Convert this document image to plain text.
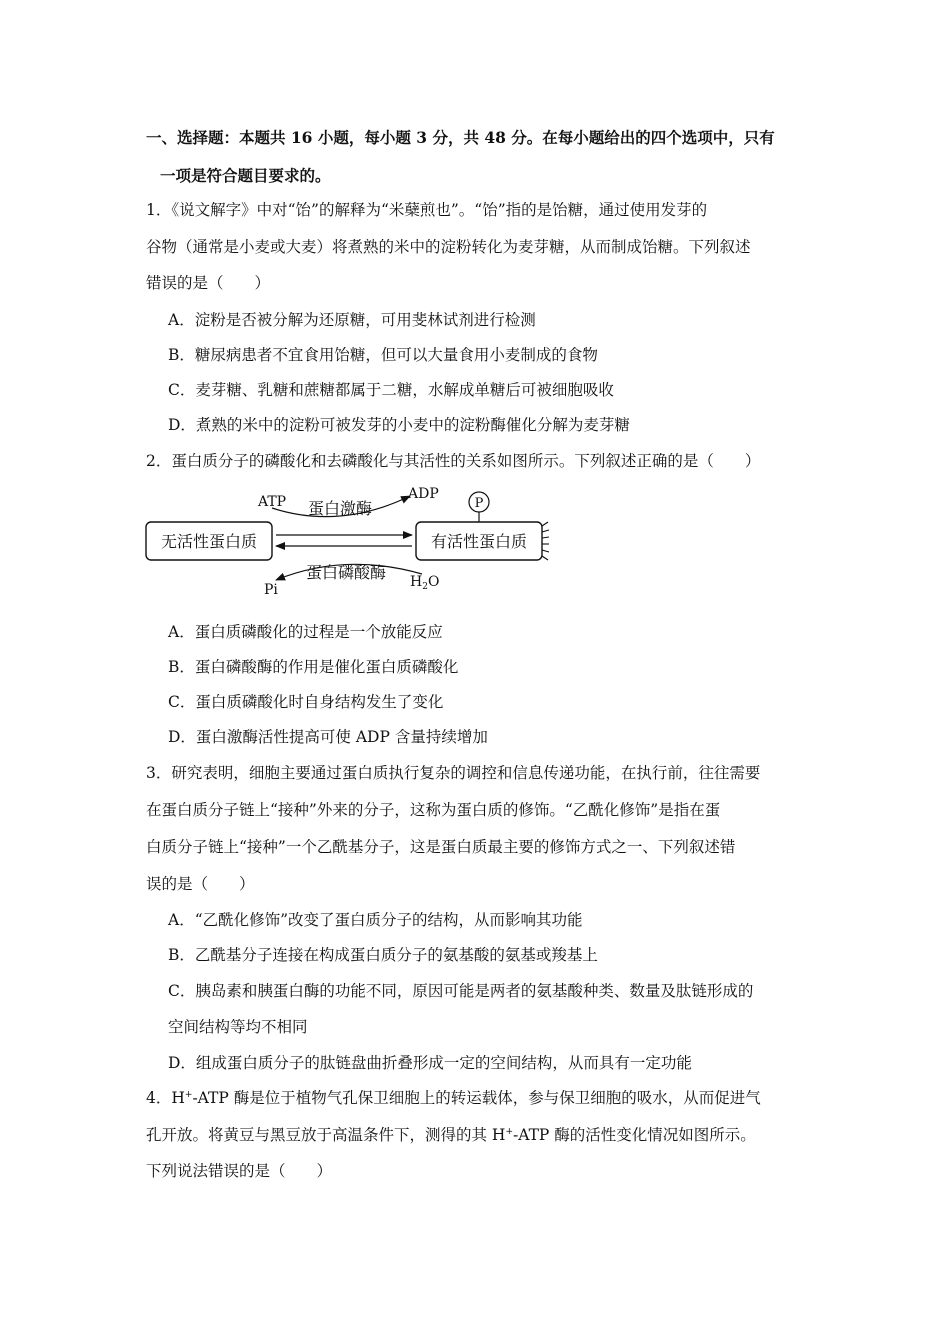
一、选择题：本题共 16 小题，每小题 3 分，共 48 分。在每小题给出的四个选项中，只有
一项是符合题目要求的。
1．《说文解字》中对“饴”的解释为“米蘖煎也”。“饴”指的是饴糖，通过使用发芽的
谷物（通常是小麦或大麦）将煮熟的米中的淀粉转化为麦芽糖，从而制成饴糖。下列叙述
错误的是（　　）
A．淀粉是否被分解为还原糖，可用斐林试剂进行检测
B．糖尿病患者不宜食用饴糖，但可以大量食用小麦制成的食物
C．麦芽糖、乳糖和蔗糖都属于二糖，水解成单糖后可被细胞吸收
D．煮熟的米中的淀粉可被发芽的小麦中的淀粉酶催化分解为麦芽糖
2．蛋白质分子的磷酸化和去磷酸化与其活性的关系如图所示。下列叙述正确的是（　　）
无活性蛋白质	有活性蛋白质
ATP 蛋白激酶
ADP
P
蛋白磷酸酶
Pi	$H_2O$
A．蛋白质磷酸化的过程是一个放能反应
B．蛋白磷酸酶的作用是催化蛋白质磷酸化
C．蛋白质磷酸化时自身结构发生了变化
D．蛋白激酶活性提高可使 ADP 含量持续增加
3．研究表明，细胞主要通过蛋白质执行复杂的调控和信息传递功能，在执行前，往往需要
在蛋白质分子链上“接种”外来的分子，这称为蛋白质的修饰。“乙酰化修饰”是指在蛋
白质分子链上“接种”一个乙酰基分子，这是蛋白质最主要的修饰方式之一、下列叙述错
误的是（　　）
A．“乙酰化修饰”改变了蛋白质分子的结构，从而影响其功能
B．乙酰基分子连接在构成蛋白质分子的氨基酸的氨基或羧基上
C．胰岛素和胰蛋白酶的功能不同，原因可能是两者的氨基酸种类、数量及肽链形成的
空间结构等均不相同
D．组成蛋白质分子的肽链盘曲折叠形成一定的空间结构，从而具有一定功能
4．H+-ATP 酶是位于植物气孔保卫细胞上的转运载体，参与保卫细胞的吸水，从而促进气
孔开放。将黄豆与黑豆放于高温条件下，测得的其 H+-ATP 酶的活性变化情况如图所示。
下列说法错误的是（　　）
